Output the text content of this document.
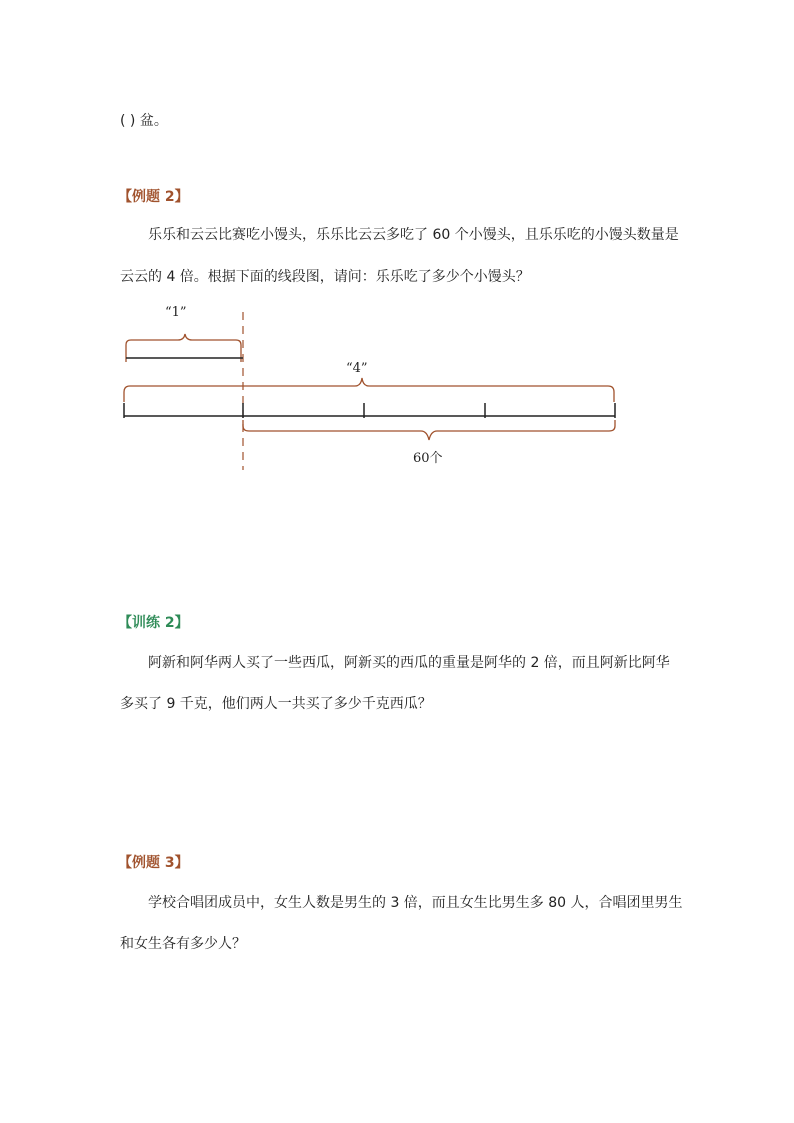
( ) 盆。
【例题 2】
乐乐和云云比赛吃小馒头，乐乐比云云多吃了 60 个小馒头，且乐乐吃的小馒头数量是
云云的 4 倍。根据下面的线段图，请问：乐乐吃了多少个小馒头？
“1”
“4”
60个
【训练 2】
阿新和阿华两人买了一些西瓜，阿新买的西瓜的重量是阿华的 2 倍，而且阿新比阿华
多买了 9 千克，他们两人一共买了多少千克西瓜？
【例题 3】
学校合唱团成员中，女生人数是男生的 3 倍，而且女生比男生多 80 人，合唱团里男生
和女生各有多少人？
